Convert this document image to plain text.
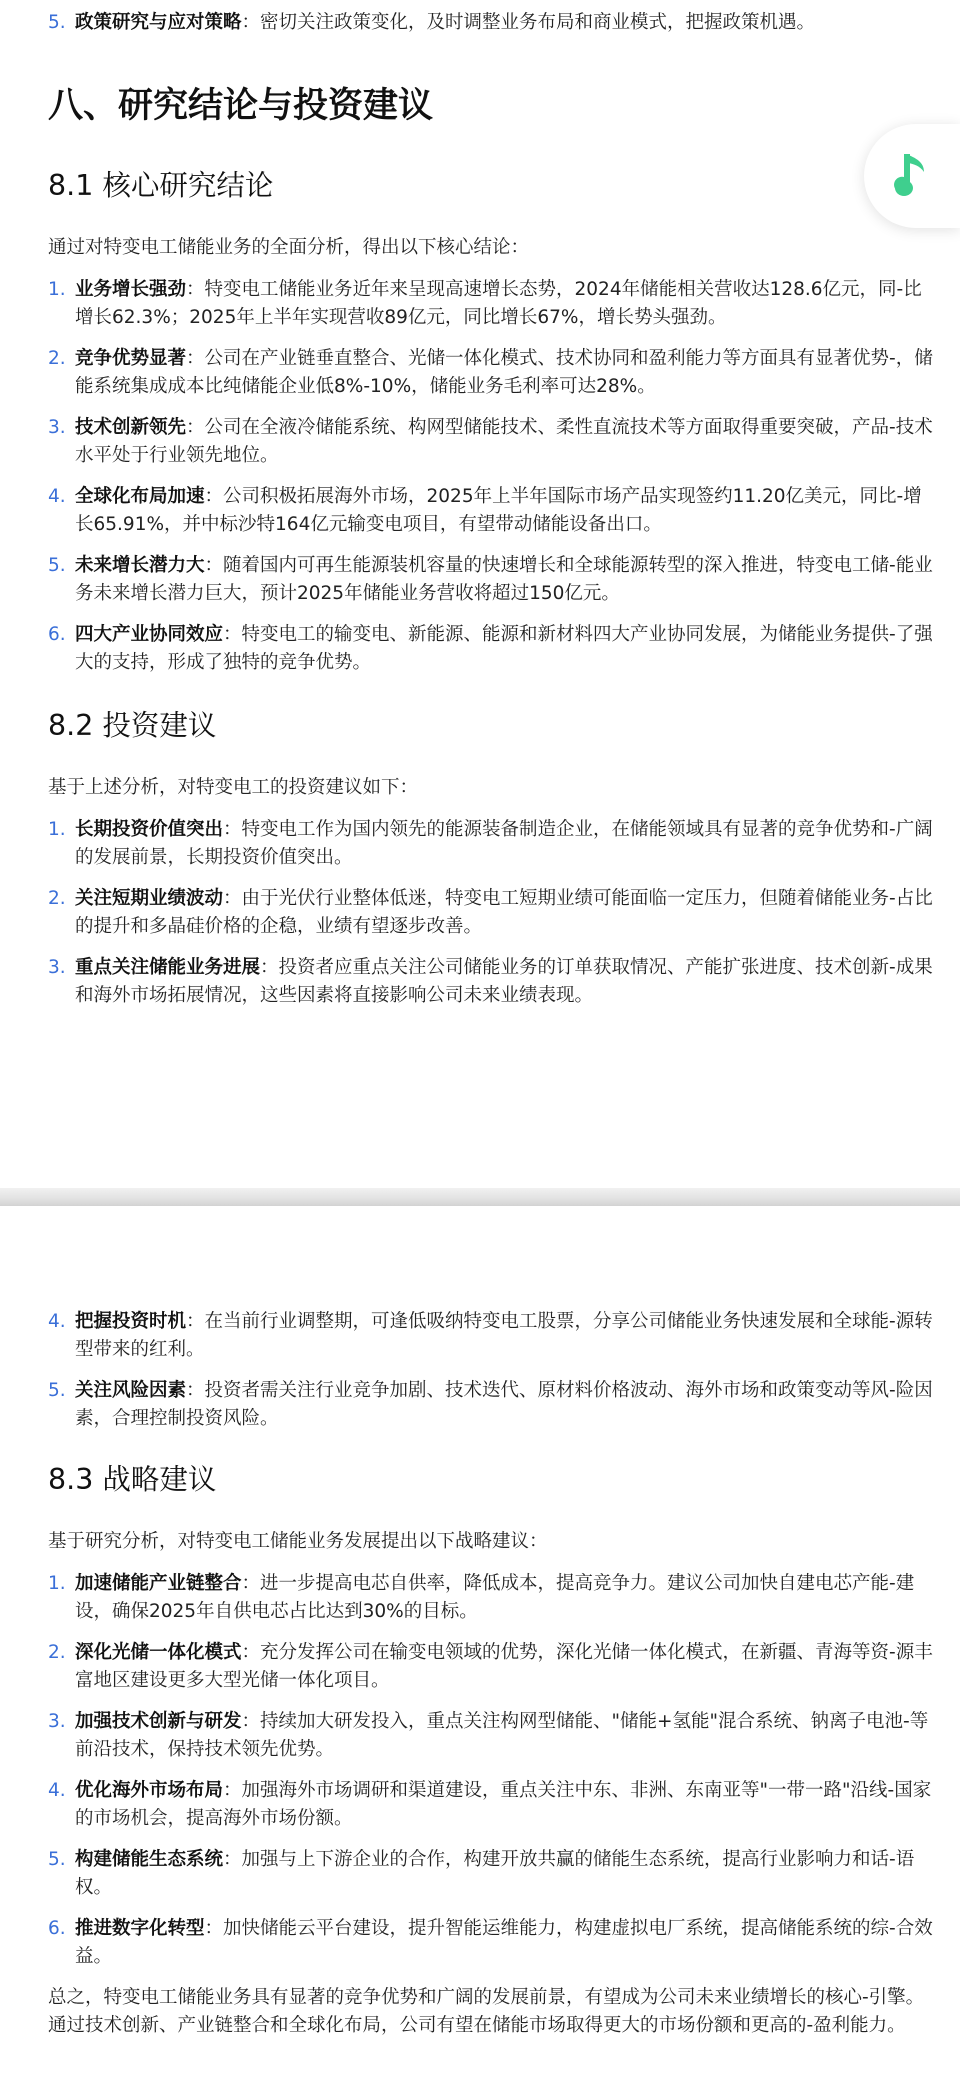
5. 政策研究与应对策略：密切关注政策变化，及时调整业务布局和商业模式，把握政策机遇。
八、研究结论与投资建议
8.1 核心研究结论

通过对特变电工储能业务的全面分析，得出以下核心结论：

1. 业务增长强劲：特变电工储能业务近年来呈现高速增长态势，2024年储能相关营收达128.6亿元，同-比增长62.3%；2025年上半年实现营收89亿元，同比增长67%，增长势头强劲。
2. 竞争优势显著：公司在产业链垂直整合、光储一体化模式、技术协同和盈利能力等方面具有显著优势-，储能系统集成成本比纯储能企业低8%-10%，储能业务毛利率可达28%。
3. 技术创新领先：公司在全液冷储能系统、构网型储能技术、柔性直流技术等方面取得重要突破，产品-技术水平处于行业领先地位。
4. 全球化布局加速：公司积极拓展海外市场，2025年上半年国际市场产品实现签约11.20亿美元，同比-增长65.91%，并中标沙特164亿元输变电项目，有望带动储能设备出口。
5. 未来增长潜力大：随着国内可再生能源装机容量的快速增长和全球能源转型的深入推进，特变电工储-能业务未来增长潜力巨大，预计2025年储能业务营收将超过150亿元。
6. 四大产业协同效应：特变电工的输变电、新能源、能源和新材料四大产业协同发展，为储能业务提供-了强大的支持，形成了独特的竞争优势。
8.2 投资建议

基于上述分析，对特变电工的投资建议如下：

1. 长期投资价值突出：特变电工作为国内领先的能源装备制造企业，在储能领域具有显著的竞争优势和-广阔的发展前景，长期投资价值突出。
2. 关注短期业绩波动：由于光伏行业整体低迷，特变电工短期业绩可能面临一定压力，但随着储能业务-占比的提升和多晶硅价格的企稳，业绩有望逐步改善。
3. 重点关注储能业务进展：投资者应重点关注公司储能业务的订单获取情况、产能扩张进度、技术创新-成果和海外市场拓展情况，这些因素将直接影响公司未来业绩表现。
4. 把握投资时机：在当前行业调整期，可逢低吸纳特变电工股票，分享公司储能业务快速发展和全球能-源转型带来的红利。
5. 关注风险因素：投资者需关注行业竞争加剧、技术迭代、原材料价格波动、海外市场和政策变动等风-险因素，合理控制投资风险。
8.3 战略建议

基于研究分析，对特变电工储能业务发展提出以下战略建议：

1. 加速储能产业链整合：进一步提高电芯自供率，降低成本，提高竞争力。建议公司加快自建电芯产能-建设，确保2025年自供电芯占比达到30%的目标。
2. 深化光储一体化模式：充分发挥公司在输变电领域的优势，深化光储一体化模式，在新疆、青海等资-源丰富地区建设更多大型光储一体化项目。
3. 加强技术创新与研发：持续加大研发投入，重点关注构网型储能、"储能+氢能"混合系统、钠离子电池-等前沿技术，保持技术领先优势。
4. 优化海外市场布局：加强海外市场调研和渠道建设，重点关注中东、非洲、东南亚等"一带一路"沿线-国家的市场机会，提高海外市场份额。
5. 构建储能生态系统：加强与上下游企业的合作，构建开放共赢的储能生态系统，提高行业影响力和话-语权。
6. 推进数字化转型：加快储能云平台建设，提升智能运维能力，构建虚拟电厂系统，提高储能系统的综-合效益。

总之，特变电工储能业务具有显著的竞争优势和广阔的发展前景，有望成为公司未来业绩增长的核心-引擎。通过技术创新、产业链整合和全球化布局，公司有望在储能市场取得更大的市场份额和更高的-盈利能力。
